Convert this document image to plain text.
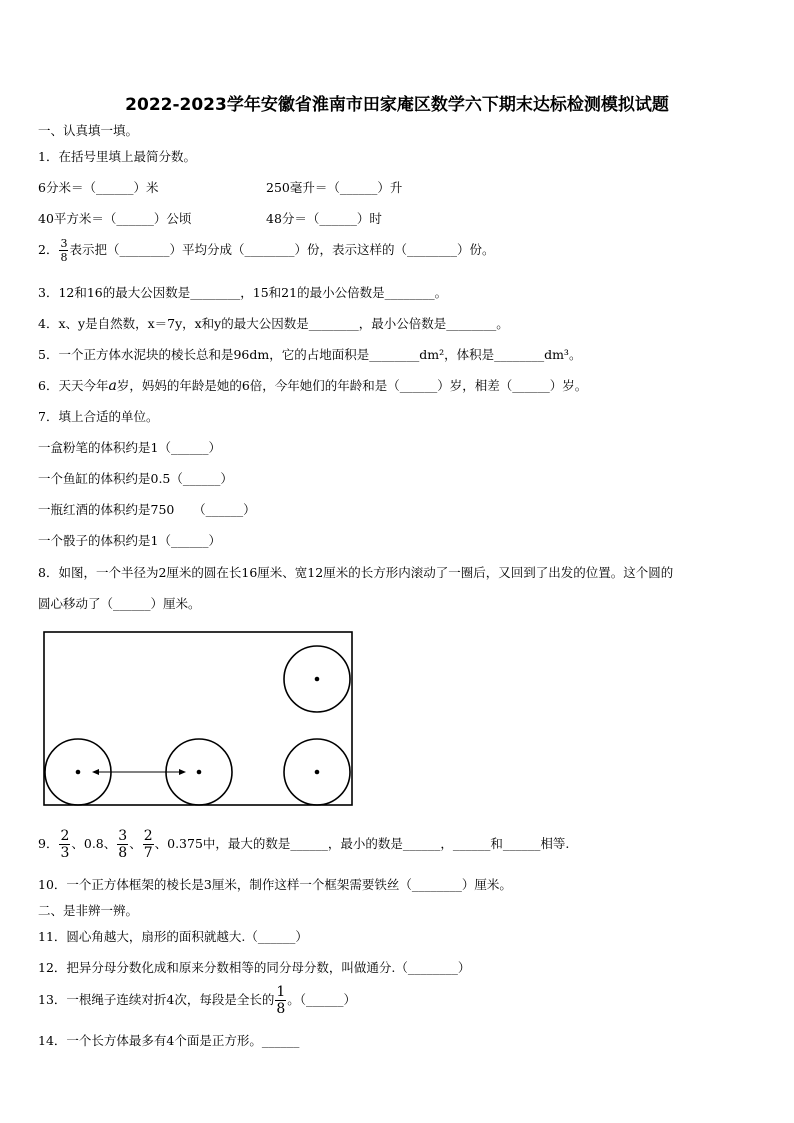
2022-2023学年安徽省淮南市田家庵区数学六下期末达标检测模拟试题
一、认真填一填。
1．在括号里填上最简分数。
6分米＝（______）米	250毫升＝（______）升
40平方米＝（______）公顷	48分＝（______）时
2． $\frac{3}{8}$ 表示把（________）平均分成（________）份，表示这样的（________）份。
3．12和16的最大公因数是________，15和21的最小公倍数是________。
4．x、y是自然数，x＝7y，x和y的最大公因数是________，最小公倍数是________。
5．一个正方体水泥块的棱长总和是96dm，它的占地面积是________dm²，体积是________dm³。
6．天天今年a岁，妈妈的年龄是她的6倍，今年她们的年龄和是（______）岁，相差（______）岁。
7．填上合适的单位。
一盒粉笔的体积约是1（______）
一个鱼缸的体积约是0.5（______）
一瓶红酒的体积约是750　　（______）
一个骰子的体积约是1（______）
8．如图，一个半径为2厘米的圆在长16厘米、宽12厘米的长方形内滚动了一圈后，又回到了出发的位置。这个圆的
圆心移动了（______）厘米。
9． $\frac{2}{3}$ 、0.8、 $\frac{3}{8}$ 、 $\frac{2}{7}$ 、0.375中，最大的数是______，最小的数是______，______和______相等.
10．一个正方体框架的棱长是3厘米，制作这样一个框架需要铁丝（________）厘米。
二、是非辨一辨。
11．圆心角越大，扇形的面积就越大.（______）
12．把异分母分数化成和原来分数相等的同分母分数，叫做通分.（________）
13．一根绳子连续对折4次，每段是全长的 $\frac{1}{8}$ 。（______）
14．一个长方体最多有4个面是正方形。______
